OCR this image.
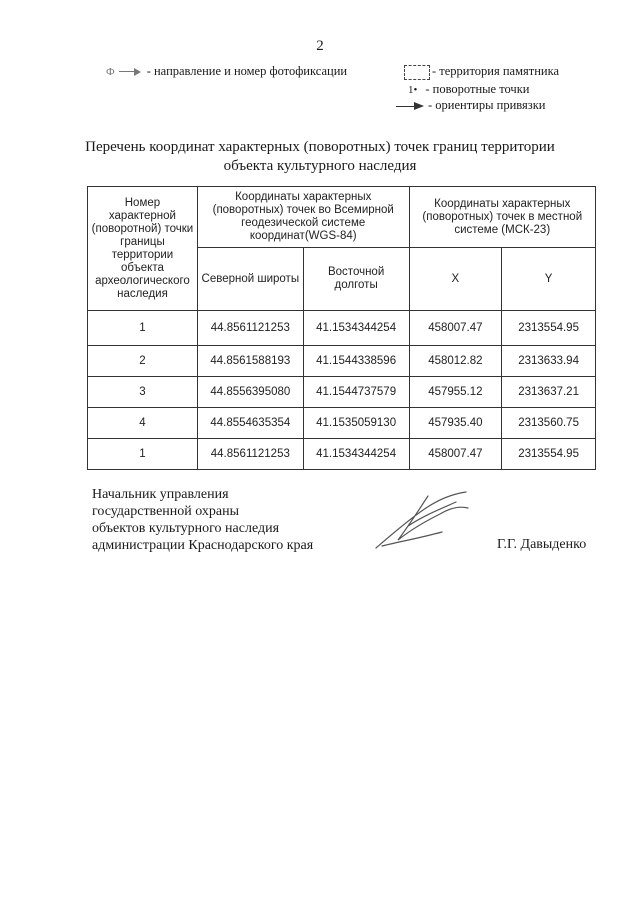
2
Ф	- направление и номер фотофиксации	- территория памятника
1• - поворотные точки
- ориентиры привязки
Перечень координат характерных (поворотных) точек границ территории
объекта культурного наследия
Номер характерной (поворотной) точки границы территории объекта археологического наследия	Координаты характерных (поворотных) точек во Всемирной геодезической системе координат(WGS-84)		Координаты характерных (поворотных) точек в местной системе (МСК-23)	
	Северной широты	Восточной долготы	X	Y
1	44.8561121253	41.1534344254	458007.47	2313554.95
2	44.8561588193	41.1544338596	458012.82	2313633.94
3	44.8556395080	41.1544737579	457955.12	2313637.21
4	44.8554635354	41.1535059130	457935.40	2313560.75
1	44.8561121253	41.1534344254	458007.47	2313554.95
Начальник управления
государственной охраны
объектов культурного наследия
администрации Краснодарского края	Г.Г. Давыденко
